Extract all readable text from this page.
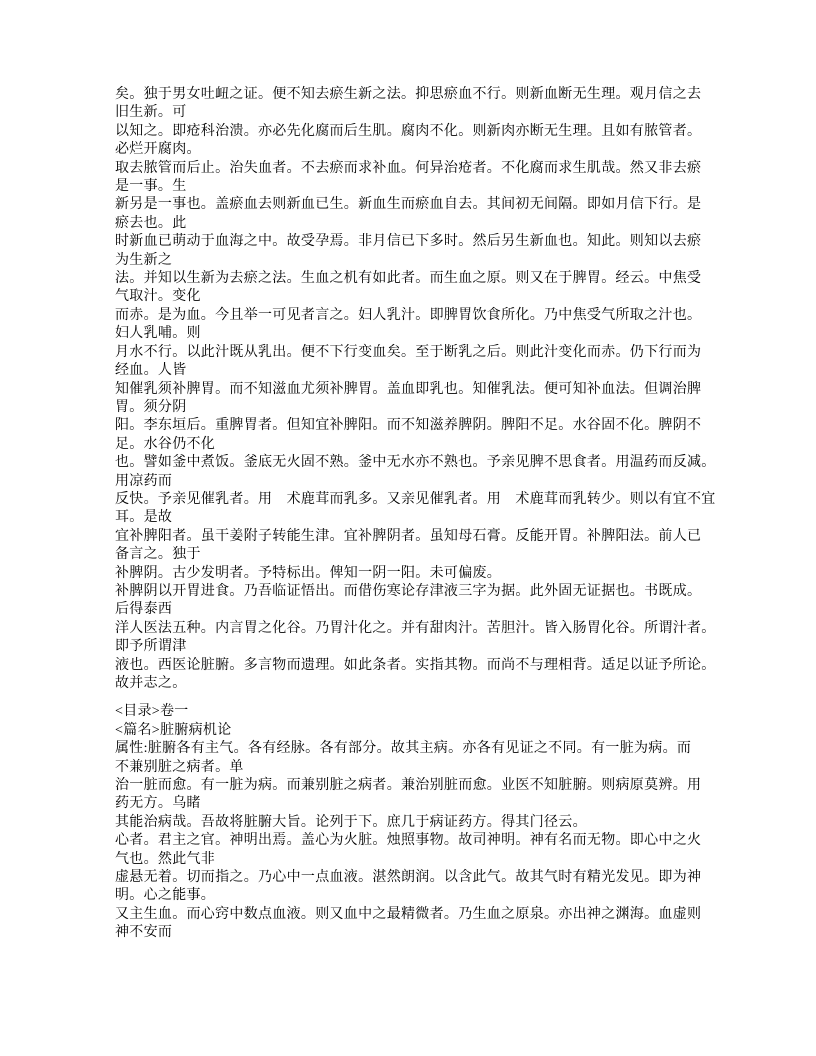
矣。独于男女吐衄之证。便不知去瘀生新之法。抑思瘀血不行。则新血断无生理。观月信之去
旧生新。可
以知之。即疮科治溃。亦必先化腐而后生肌。腐肉不化。则新肉亦断无生理。且如有脓管者。
必烂开腐肉。
取去脓管而后止。治失血者。不去瘀而求补血。何异治疮者。不化腐而求生肌哉。然又非去瘀
是一事。生
新另是一事也。盖瘀血去则新血已生。新血生而瘀血自去。其间初无间隔。即如月信下行。是
瘀去也。此
时新血已萌动于血海之中。故受孕焉。非月信已下多时。然后另生新血也。知此。则知以去瘀
为生新之
法。并知以生新为去瘀之法。生血之机有如此者。而生血之原。则又在于脾胃。经云。中焦受
气取汁。变化
而赤。是为血。今且举一可见者言之。妇人乳汁。即脾胃饮食所化。乃中焦受气所取之汁也。
妇人乳哺。则
月水不行。以此汁既从乳出。便不下行变血矣。至于断乳之后。则此汁变化而赤。仍下行而为
经血。人皆
知催乳须补脾胃。而不知滋血尤须补脾胃。盖血即乳也。知催乳法。便可知补血法。但调治脾
胃。须分阴
阳。李东垣后。重脾胃者。但知宜补脾阳。而不知滋养脾阴。脾阳不足。水谷固不化。脾阴不
足。水谷仍不化
也。譬如釜中煮饭。釜底无火固不熟。釜中无水亦不熟也。予亲见脾不思食者。用温药而反减。
用凉药而
反快。予亲见催乳者。用　术鹿茸而乳多。又亲见催乳者。用　术鹿茸而乳转少。则以有宜不宜
耳。是故
宜补脾阳者。虽干姜附子转能生津。宜补脾阴者。虽知母石膏。反能开胃。补脾阳法。前人已
备言之。独于
补脾阴。古少发明者。予特标出。俾知一阴一阳。未可偏废。
补脾阴以开胃进食。乃吾临证悟出。而借伤寒论存津液三字为据。此外固无证据也。书既成。
后得泰西
洋人医法五种。内言胃之化谷。乃胃汁化之。并有甜肉汁。苦胆汁。皆入肠胃化谷。所谓汁者。
即予所谓津
液也。西医论脏腑。多言物而遗理。如此条者。实指其物。而尚不与理相背。适足以证予所论。
故并志之。
<目录>卷一
<篇名>脏腑病机论
属性:脏腑各有主气。各有经脉。各有部分。故其主病。亦各有见证之不同。有一脏为病。而
不兼别脏之病者。单
治一脏而愈。有一脏为病。而兼别脏之病者。兼治别脏而愈。业医不知脏腑。则病原莫辨。用
药无方。乌睹
其能治病哉。吾故将脏腑大旨。论列于下。庶几于病证药方。得其门径云。
心者。君主之官。神明出焉。盖心为火脏。烛照事物。故司神明。神有名而无物。即心中之火
气也。然此气非
虚悬无着。切而指之。乃心中一点血液。湛然朗润。以含此气。故其气时有精光发见。即为神
明。心之能事。
又主生血。而心窍中数点血液。则又血中之最精微者。乃生血之原泉。亦出神之渊海。血虚则
神不安而
